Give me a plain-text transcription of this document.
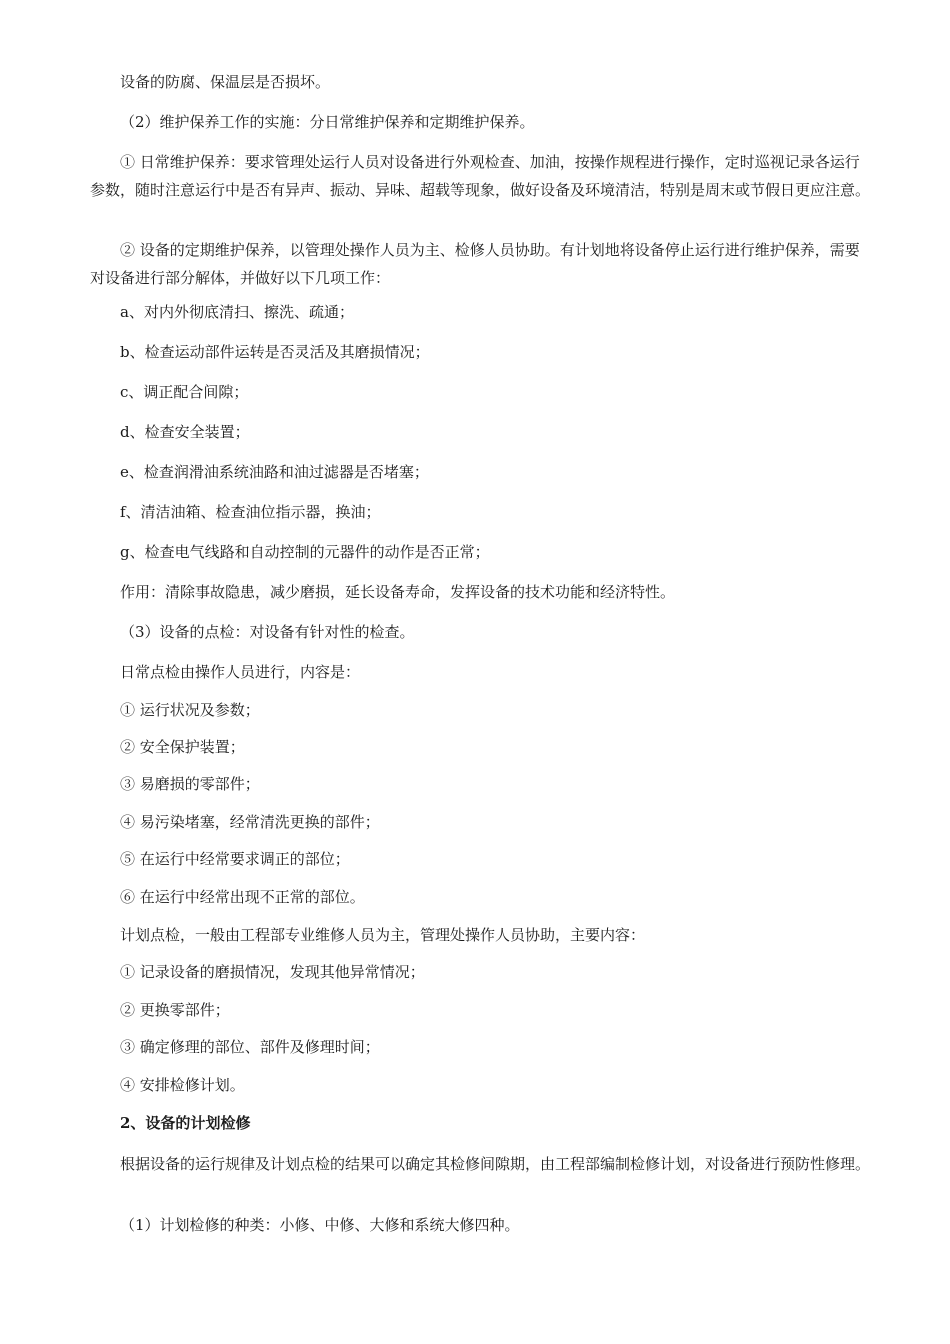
设备的防腐、保温层是否损坏。

（2）维护保养工作的实施：分日常维护保养和定期维护保养。

① 日常维护保养：要求管理处运行人员对设备进行外观检查、加油，按操作规程进行操作，定时巡视记录各运行参数，随时注意运行中是否有异声、振动、异味、超载等现象，做好设备及环境清洁，特别是周末或节假日更应注意。

② 设备的定期维护保养，以管理处操作人员为主、检修人员协助。有计划地将设备停止运行进行维护保养，需要对设备进行部分解体，并做好以下几项工作：

a、对内外彻底清扫、擦洗、疏通；

b、检查运动部件运转是否灵活及其磨损情况；

c、调正配合间隙；

d、检查安全装置；

e、检查润滑油系统油路和油过滤器是否堵塞；

f、清洁油箱、检查油位指示器，换油；

g、检查电气线路和自动控制的元器件的动作是否正常；

作用：清除事故隐患，减少磨损，延长设备寿命，发挥设备的技术功能和经济特性。

（3）设备的点检：对设备有针对性的检查。

日常点检由操作人员进行，内容是：

① 运行状况及参数；

② 安全保护装置；

③ 易磨损的零部件；

④ 易污染堵塞，经常清洗更换的部件；

⑤ 在运行中经常要求调正的部位；

⑥ 在运行中经常出现不正常的部位。

计划点检，一般由工程部专业维修人员为主，管理处操作人员协助，主要内容：

① 记录设备的磨损情况，发现其他异常情况；

② 更换零部件；

③ 确定修理的部位、部件及修理时间；

④ 安排检修计划。

2、设备的计划检修

根据设备的运行规律及计划点检的结果可以确定其检修间隙期，由工程部编制检修计划，对设备进行预防性修理。

（1）计划检修的种类：小修、中修、大修和系统大修四种。
